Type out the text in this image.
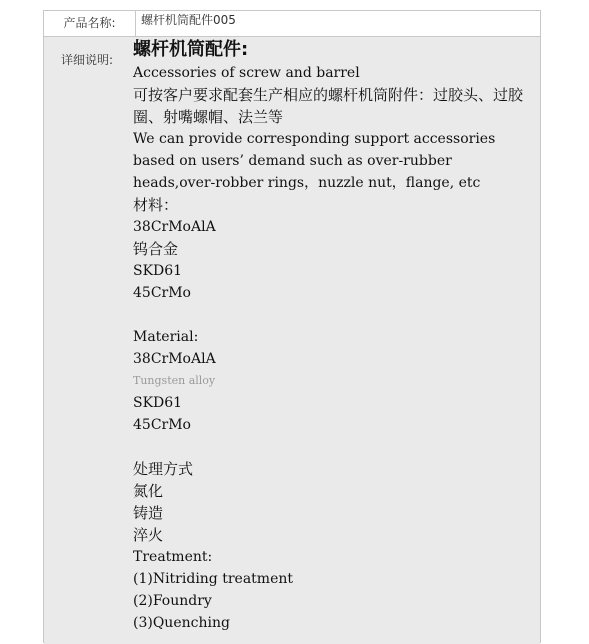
产品名称:	螺杆机筒配件005
详细说明: 螺杆机筒配件:
Accessories of screw and barrel
可按客户要求配套生产相应的螺杆机筒附件：过胶头、过胶圈、射嘴螺帽、法兰等
We can provide corresponding support accessories based on users’ demand such as over-rubber heads,over-robber rings，nuzzle nut，flange, etc
材料：
38CrMoAlA
钨合金
SKD61
45CrMo
Material:
38CrMoAlA
Tungsten alloy
SKD61
45CrMo
处理方式
氮化
铸造
淬火
Treatment:
(1)Nitriding treatment
(2)Foundry
(3)Quenching
